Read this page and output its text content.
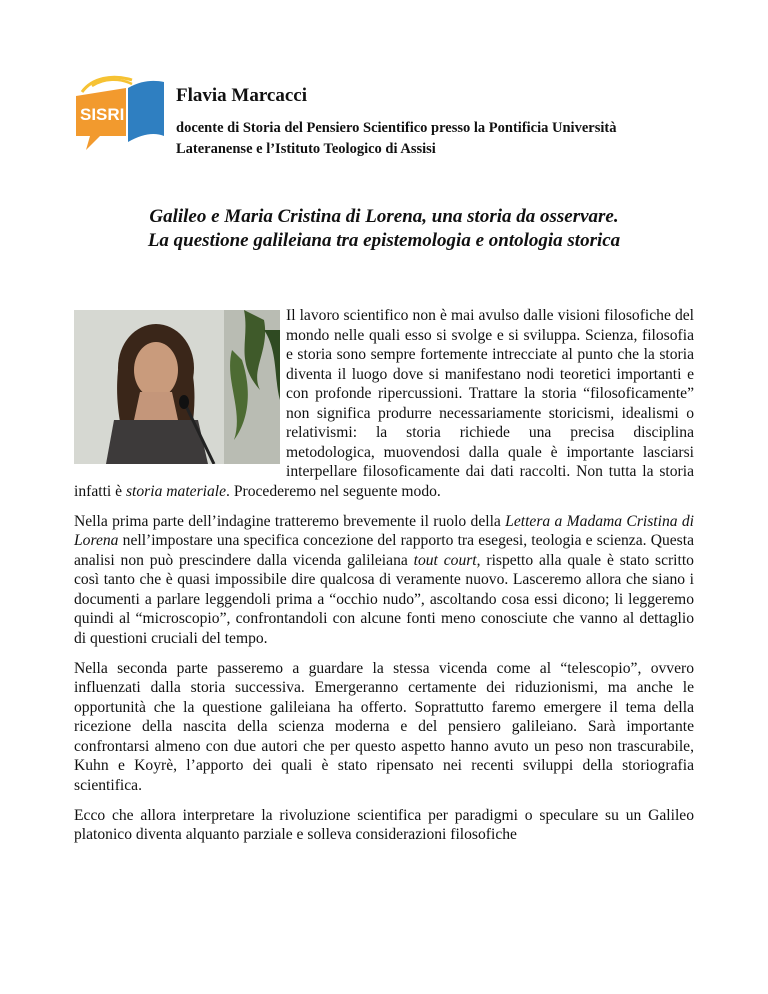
SISRI
Flavia Marcacci
docente di Storia del Pensiero Scientifico presso la Pontificia Università Lateranense e l’Istituto Teologico di Assisi
Galileo e Maria Cristina di Lorena, una storia da osservare.
La questione galileiana tra epistemologia e ontologia storica

Il lavoro scientifico non è mai avulso dalle visioni filosofiche del mondo nelle quali esso si svolge e si sviluppa. Scienza, filosofia e storia sono sempre fortemente intrecciate al punto che la storia diventa il luogo dove si manifestano nodi teoretici importanti e con profonde ripercussioni. Trattare la storia “filosoficamente” non significa produrre necessariamente storicismi, idealismi o relativismi: la storia richiede una precisa disciplina metodologica, muovendosi dalla quale è importante lasciarsi interpellare filosoficamente dai dati raccolti. Non tutta la storia infatti è storia materiale. Procederemo nel seguente modo.

Nella prima parte dell’indagine tratteremo brevemente il ruolo della Lettera a Madama Cristina di Lorena nell’impostare una specifica concezione del rapporto tra esegesi, teologia e scienza. Questa analisi non può prescindere dalla vicenda galileiana tout court, rispetto alla quale è stato scritto così tanto che è quasi impossibile dire qualcosa di veramente nuovo. Lasceremo allora che siano i documenti a parlare leggendoli prima a “occhio nudo”, ascoltando cosa essi dicono; li leggeremo quindi al “microscopio”, confrontandoli con alcune fonti meno conosciute che vanno al dettaglio di questioni cruciali del tempo.

Nella seconda parte passeremo a guardare la stessa vicenda come al “telescopio”, ovvero influenzati dalla storia successiva. Emergeranno certamente dei riduzionismi, ma anche le opportunità che la questione galileiana ha offerto. Soprattutto faremo emergere il tema della ricezione della nascita della scienza moderna e del pensiero galileiano. Sarà importante confrontarsi almeno con due autori che per questo aspetto hanno avuto un peso non trascurabile, Kuhn e Koyrè, l’apporto dei quali è stato ripensato nei recenti sviluppi della storiografia scientifica.

Ecco che allora interpretare la rivoluzione scientifica per paradigmi o speculare su un Galileo platonico diventa alquanto parziale e solleva considerazioni filosofiche
